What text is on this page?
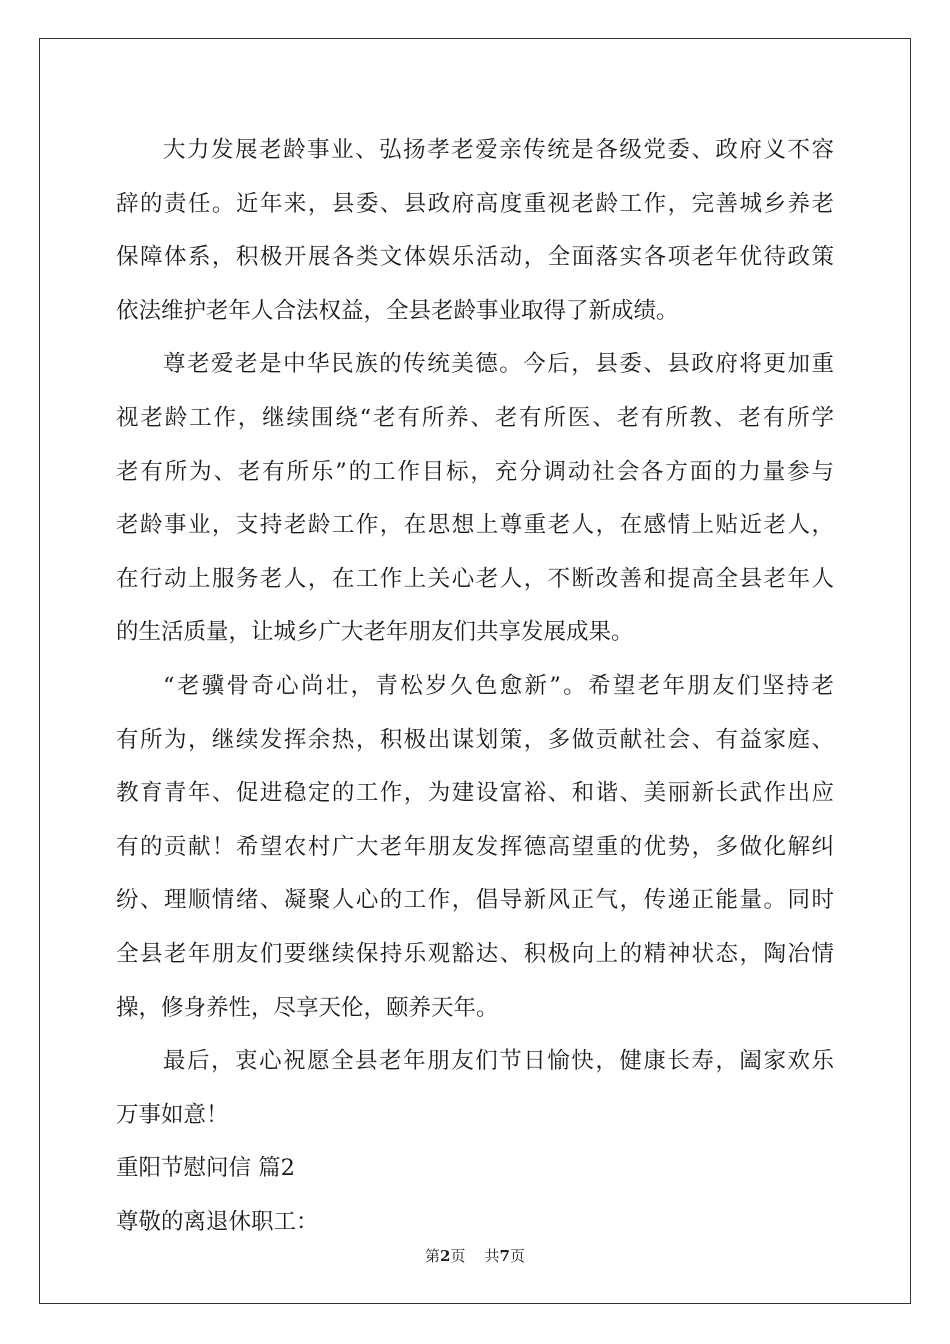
大力发展老龄事业、弘扬孝老爱亲传统是各级党委、政府义不容
辞的责任。近年来，县委、县政府高度重视老龄工作，完善城乡养老
保障体系，积极开展各类文体娱乐活动，全面落实各项老年优待政策
依法维护老年人合法权益，全县老龄事业取得了新成绩。
尊老爱老是中华民族的传统美德。今后，县委、县政府将更加重
视老龄工作，继续围绕“老有所养、老有所医、老有所教、老有所学
老有所为、老有所乐”的工作目标，充分调动社会各方面的力量参与
老龄事业，支持老龄工作，在思想上尊重老人，在感情上贴近老人，
在行动上服务老人，在工作上关心老人，不断改善和提高全县老年人
的生活质量，让城乡广大老年朋友们共享发展成果。
“老骥骨奇心尚壮，青松岁久色愈新”。希望老年朋友们坚持老
有所为，继续发挥余热，积极出谋划策，多做贡献社会、有益家庭、
教育青年、促进稳定的工作，为建设富裕、和谐、美丽新长武作出应
有的贡献！希望农村广大老年朋友发挥德高望重的优势，多做化解纠
纷、理顺情绪、凝聚人心的工作，倡导新风正气，传递正能量。同时
全县老年朋友们要继续保持乐观豁达、积极向上的精神状态，陶冶情
操，修身养性，尽享天伦，颐养天年。
最后，衷心祝愿全县老年朋友们节日愉快，健康长寿，阖家欢乐
万事如意！
重阳节慰问信 篇2
尊敬的离退休职工：
第2页 共7页
